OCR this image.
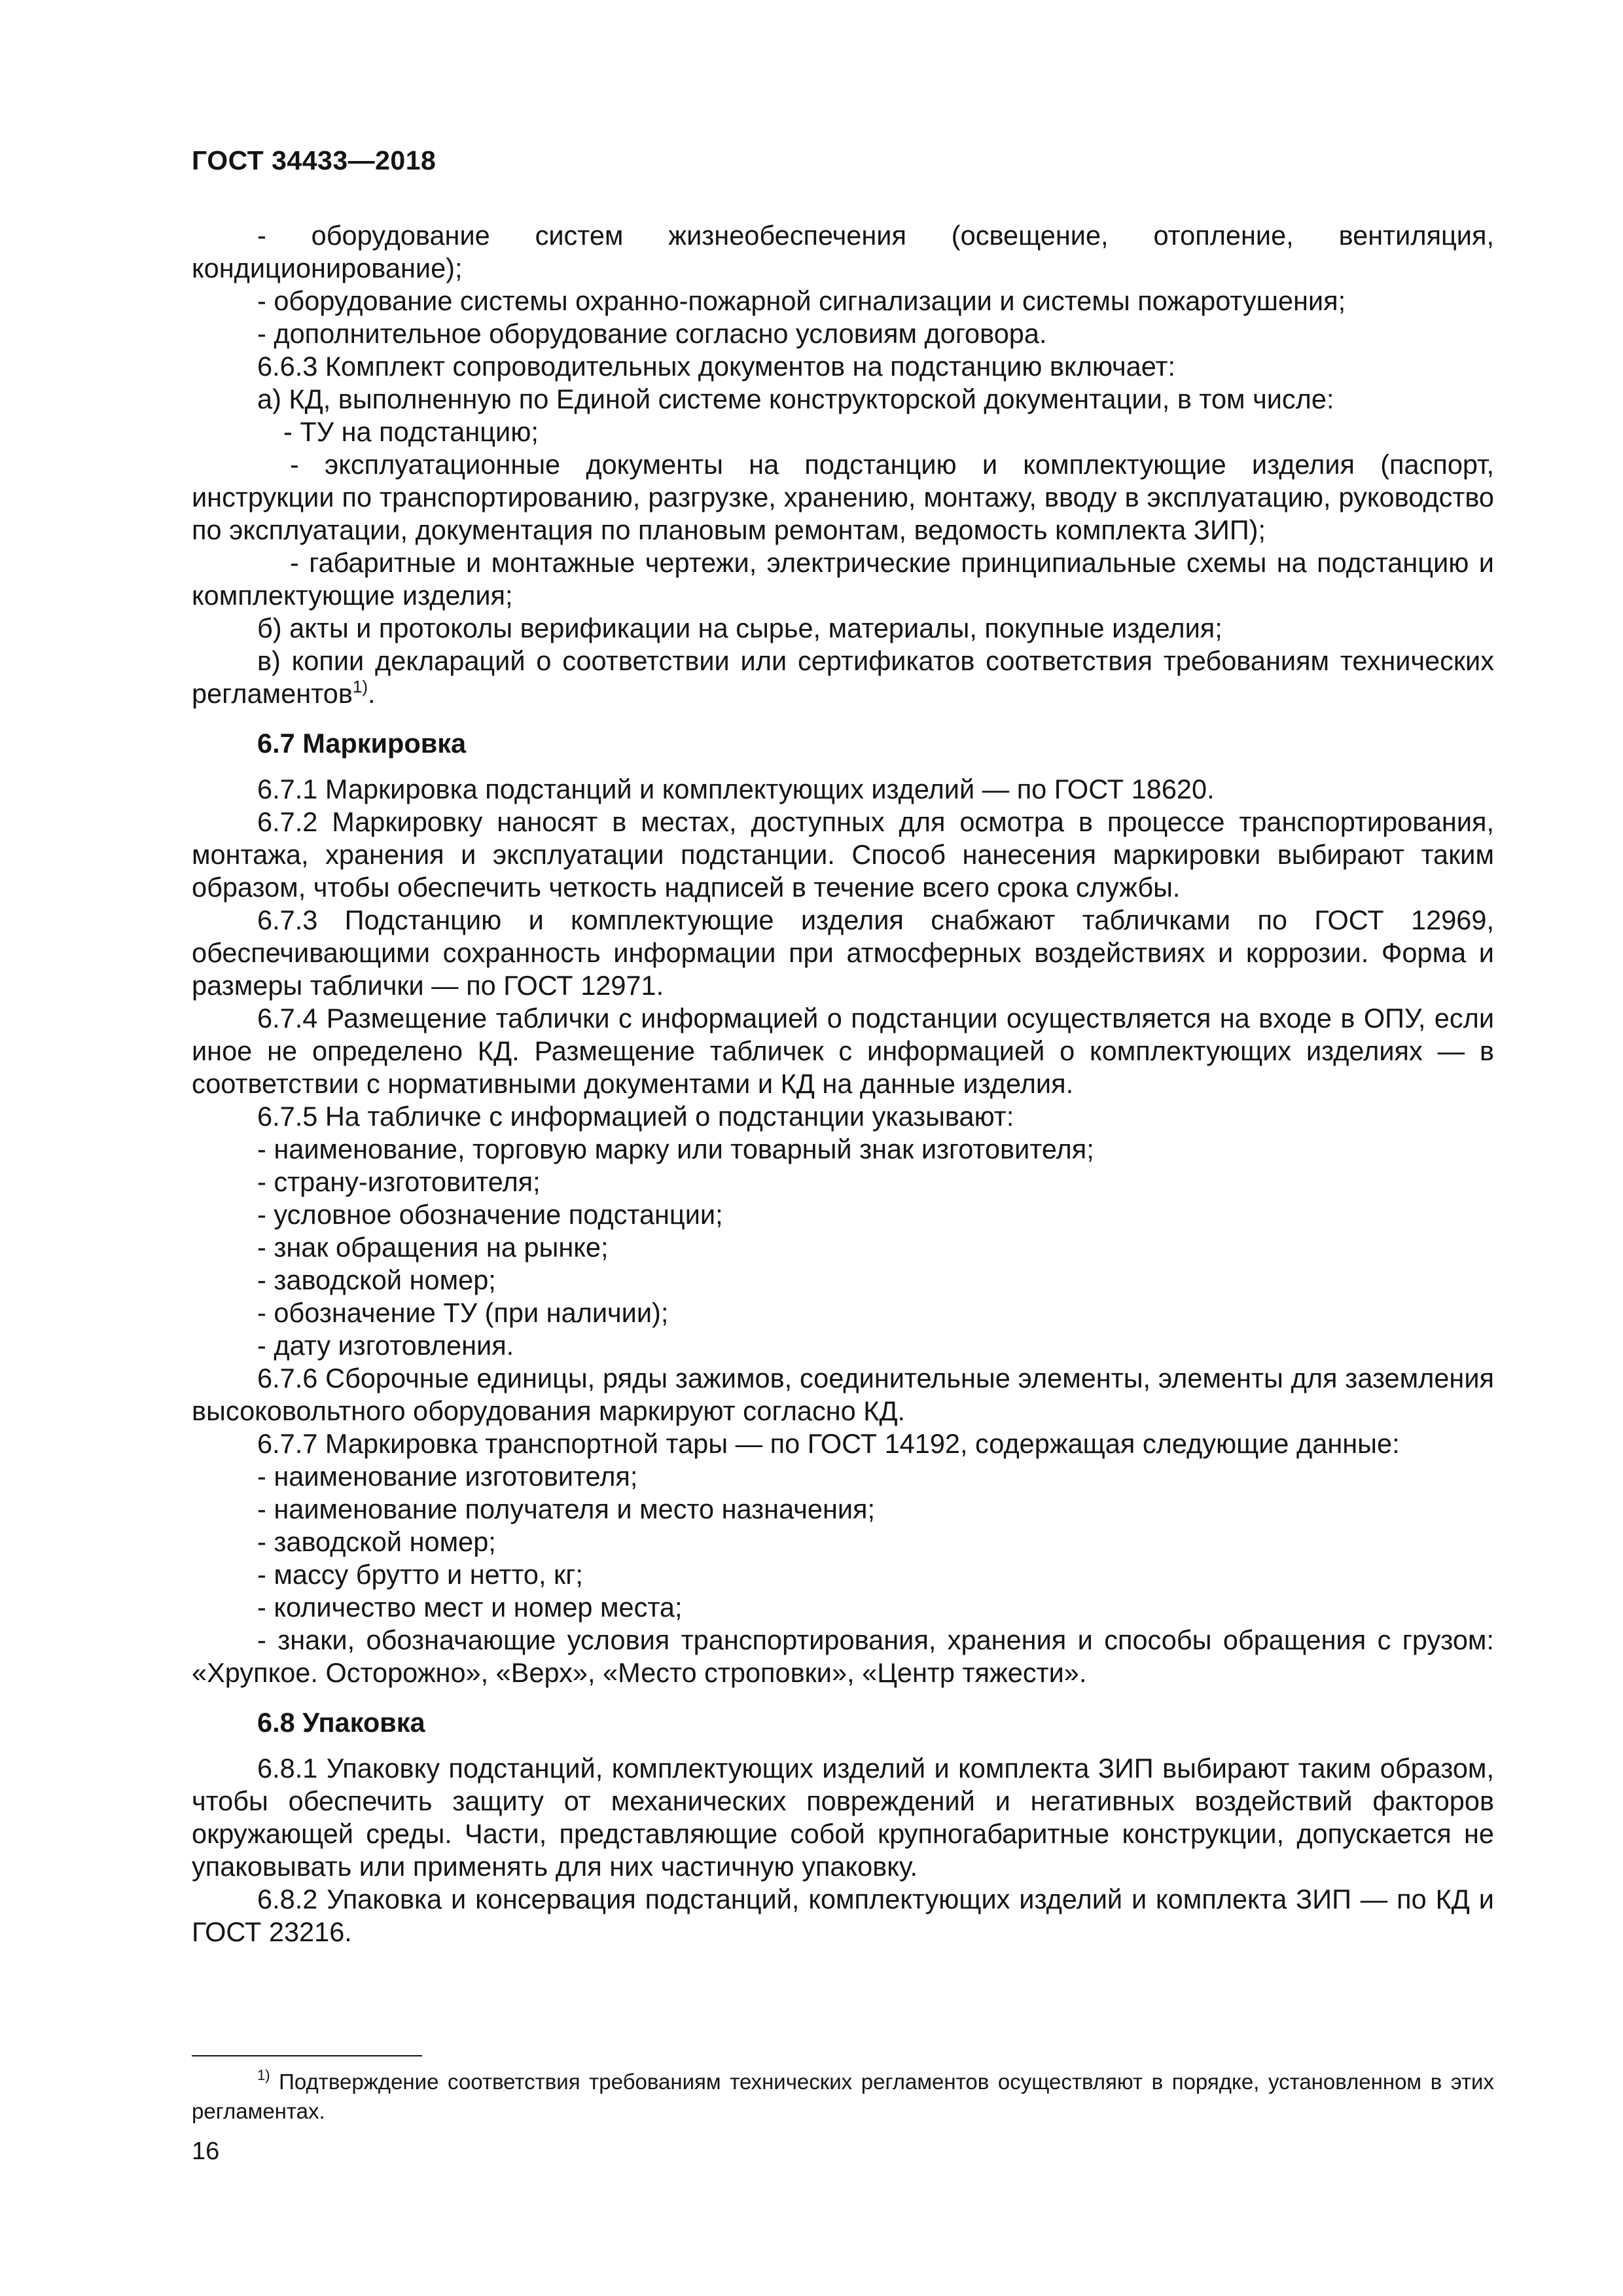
ГОСТ 34433—2018

- оборудование систем жизнеобеспечения (освещение, отопление, вентиляция, кондиционирование);

- оборудование системы охранно-пожарной сигнализации и системы пожаротушения;

- дополнительное оборудование согласно условиям договора.

6.6.3 Комплект сопроводительных документов на подстанцию включает:

а) КД, выполненную по Единой системе конструкторской документации, в том числе:

- ТУ на подстанцию;

- эксплуатационные документы на подстанцию и комплектующие изделия (паспорт, инструкции по транспортированию, разгрузке, хранению, монтажу, вводу в эксплуатацию, руководство по эксплуатации, документация по плановым ремонтам, ведомость комплекта ЗИП);

- габаритные и монтажные чертежи, электрические принципиальные схемы на подстанцию и комплектующие изделия;

б) акты и протоколы верификации на сырье, материалы, покупные изделия;

в) копии деклараций о соответствии или сертификатов соответствия требованиям технических регламентов$^{1)}$.

6.7 Маркировка

6.7.1 Маркировка подстанций и комплектующих изделий — по ГОСТ 18620.

6.7.2 Маркировку наносят в местах, доступных для осмотра в процессе транспортирования, монтажа, хранения и эксплуатации подстанции. Способ нанесения маркировки выбирают таким образом, чтобы обеспечить четкость надписей в течение всего срока службы.

6.7.3 Подстанцию и комплектующие изделия снабжают табличками по ГОСТ 12969, обеспечивающими сохранность информации при атмосферных воздействиях и коррозии. Форма и размеры таблички — по ГОСТ 12971.

6.7.4 Размещение таблички с информацией о подстанции осуществляется на входе в ОПУ, если иное не определено КД. Размещение табличек с информацией о комплектующих изделиях — в соответствии с нормативными документами и КД на данные изделия.

6.7.5 На табличке с информацией о подстанции указывают:

- наименование, торговую марку или товарный знак изготовителя;

- страну-изготовителя;

- условное обозначение подстанции;

- знак обращения на рынке;

- заводской номер;

- обозначение ТУ (при наличии);

- дату изготовления.

6.7.6 Сборочные единицы, ряды зажимов, соединительные элементы, элементы для заземления высоковольтного оборудования маркируют согласно КД.

6.7.7 Маркировка транспортной тары — по ГОСТ 14192, содержащая следующие данные:

- наименование изготовителя;

- наименование получателя и место назначения;

- заводской номер;

- массу брутто и нетто, кг;

- количество мест и номер места;

- знаки, обозначающие условия транспортирования, хранения и способы обращения с грузом: «Хрупкое. Осторожно», «Верх», «Место строповки», «Центр тяжести».

6.8 Упаковка

6.8.1 Упаковку подстанций, комплектующих изделий и комплекта ЗИП выбирают таким образом, чтобы обеспечить защиту от механических повреждений и негативных воздействий факторов окружающей среды. Части, представляющие собой крупногабаритные конструкции, допускается не упаковывать или применять для них частичную упаковку.

6.8.2 Упаковка и консервация подстанций, комплектующих изделий и комплекта ЗИП — по КД и ГОСТ 23216.

$^{1)}$ Подтверждение соответствия требованиям технических регламентов осуществляют в порядке, установленном в этих регламентах.
16
